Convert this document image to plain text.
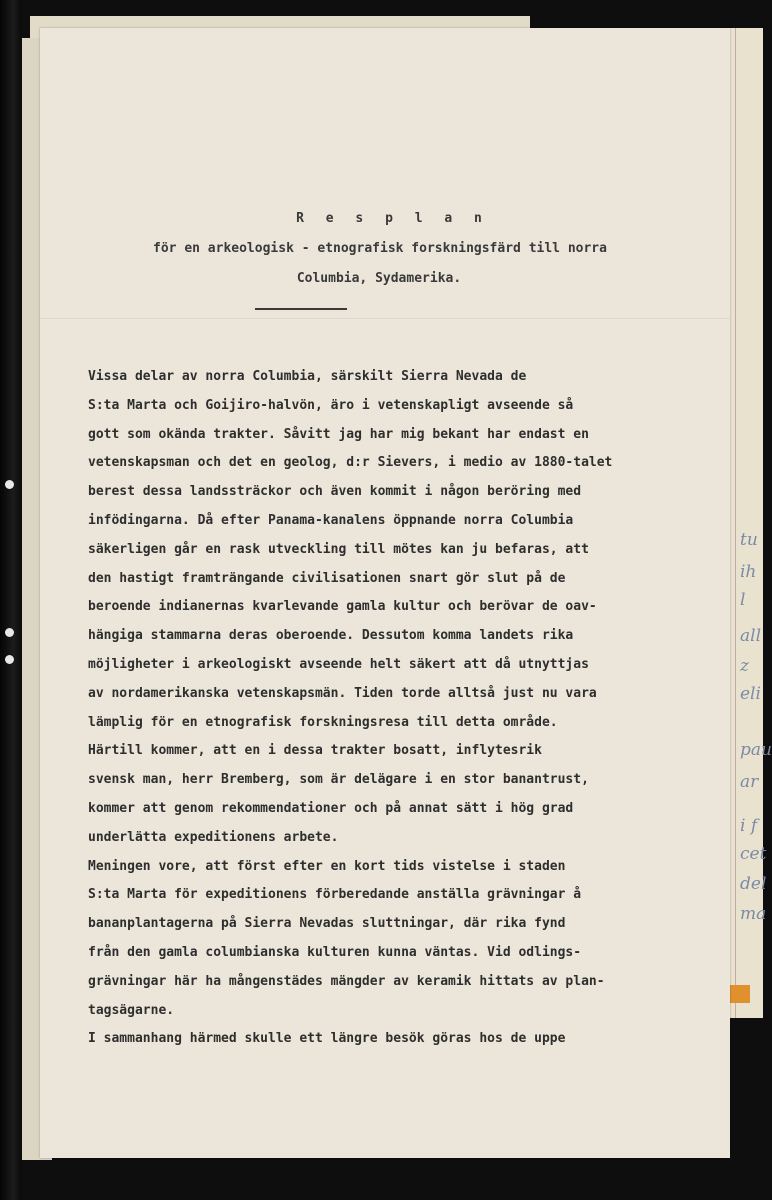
tu
ih
l
all
z
eli
pau
ar
i f
cet
del
ma
R e s p l a n
för en arkeologisk - etnografisk forskningsfärd till norra
Columbia, Sydamerika.

Vissa delar av norra Columbia, särskilt Sierra Nevada de
S:ta Marta och Goijiro-halvön, äro i vetenskapligt avseende så
gott som okända trakter. Såvitt jag har mig bekant har endast en
vetenskapsman och det en geolog, d:r Sievers, i medio av 1880-talet
berest dessa landssträckor och även kommit i någon beröring med
infödingarna. Då efter Panama-kanalens öppnande norra Columbia
säkerligen går en rask utveckling till mötes kan ju befaras, att
den hastigt framträngande civilisationen snart gör slut på de
beroende indianernas kvarlevande gamla kultur och berövar de oav-
hängiga stammarna deras oberoende. Dessutom komma landets rika
möjligheter i arkeologiskt avseende helt säkert att då utnyttjas
av nordamerikanska vetenskapsmän. Tiden torde alltså just nu vara
lämplig för en etnografisk forskningsresa till detta område.

Härtill kommer, att en i dessa trakter bosatt, inflytesrik
svensk man, herr Bremberg, som är delägare i en stor banantrust,
kommer att genom rekommendationer och på annat sätt i hög grad
underlätta expeditionens arbete.

Meningen vore, att först efter en kort tids vistelse i staden
S:ta Marta för expeditionens förberedande anställa grävningar å
bananplantagerna på Sierra Nevadas sluttningar, där rika fynd
från den gamla columbianska kulturen kunna väntas. Vid odlings-
grävningar här ha mångenstädes mängder av keramik hittats av plan-
tagsägarne.

I sammanhang härmed skulle ett längre besök göras hos de uppe
